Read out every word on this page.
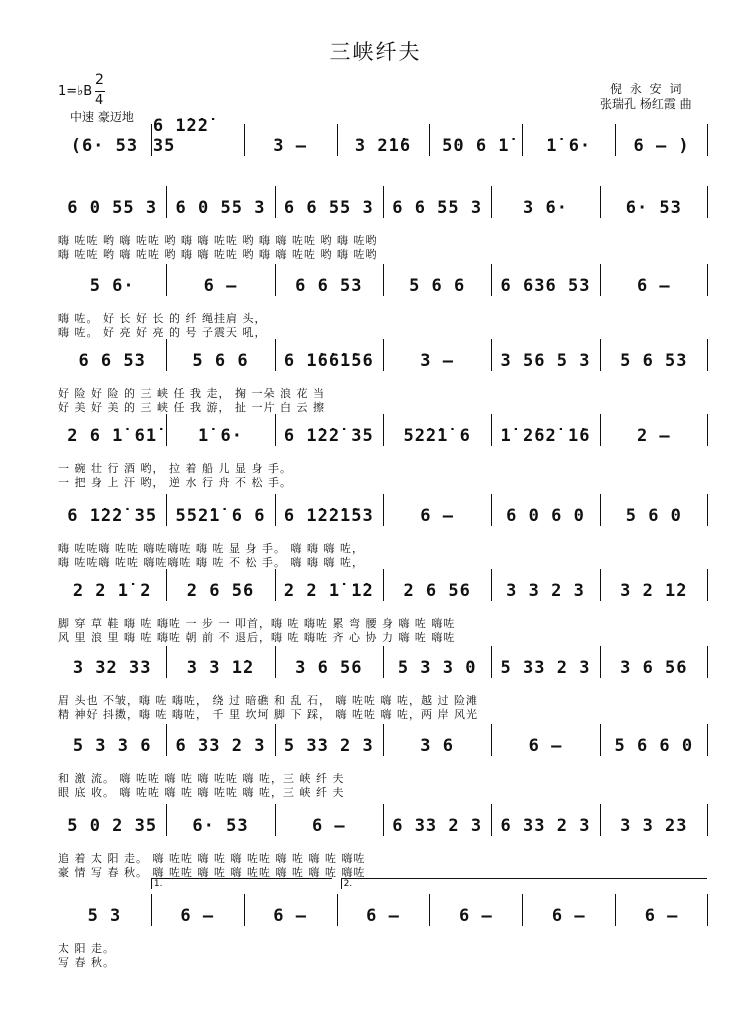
三峡纤夫
1=♭B
2
4
中速 豪迈地
倪 永 安 词
张瑞孔 杨红霞 曲
(6· 53
6 1̇2̇2̇ 35	3 –	3 2̇1̇6	50 6 1̇	1̇ 6·	6 – )
6 0 55 3	6 0 55 3	6 6 55 3	6 6 55 3	3 6·	6· 53
嗨 咗咗 哟 嗨 咗咗 哟 嗨 嗨 咗咗 哟 嗨 嗨 咗咗 哟 嗨 咗哟
嗨 咗咗 哟 嗨 咗咗 哟 嗨 嗨 咗咗 哟 嗨 嗨 咗咗 哟 嗨 咗哟
5 6·	6 –	6 6 53	5 6 6	6 636 53	6 –
嗨 咗。 好 长 好 长 的 纤 绳挂肩 头，
嗨 咗。 好 亮 好 亮 的 号 子震天 吼，
6 6 53	5 6 6	6 1̇6̇6̇1̇56	3 –	3 56 5 3	5 6 53
好 险 好 险 的 三 峡 任 我 走， 掬 一朵 浪 花 当
好 美 好 美 的 三 峡 任 我 游， 扯 一片 白 云 擦
2 6 1̇ 61̇	1̇ 6·	6 1̇2̇2̇ 35	52̇2̇1̇ 6	1̇ 2̇62̇ 1̇6	2 –
一 碗 壮 行 酒 哟， 拉 着 船 儿 显 身 手。
一 把 身 上 汗 哟， 逆 水 行 舟 不 松 手。
6 1̇2̇2̇ 35	552̇1̇ 6 6	6 1̇2̇2̇1̇53	6 –	6 0 6 0	5 6 0
嗨 咗咗嗨 咗咗 嗨咗嗨咗 嗨 咗 显 身 手。 嗨 嗨 嗨 咗，
嗨 咗咗嗨 咗咗 嗨咗嗨咗 嗨 咗 不 松 手。 嗨 嗨 嗨 咗，
2 2 1̇ 2	2 6 56	2 2 1̇ 1̇2	2 6 56	3 3 2 3	3 2 1̇2
脚 穿 草 鞋 嗨 咗 嗨咗 一 步 一 叩首，嗨 咗 嗨咗 累 弯 腰 身 嗨 咗 嗨咗
风 里 浪 里 嗨 咗 嗨咗 朝 前 不 退后，嗨 咗 嗨咗 齐 心 协 力 嗨 咗 嗨咗
3 32 33	3 3 1̇2	3 6 56	5 3 3 0	5 33 2 3	3 6 56
眉 头也 不皱，嗨 咗 嗨咗， 绕 过 暗礁 和 乱 石， 嗨 咗咗 嗨 咗，越 过 险滩
精 神好 抖擞，嗨 咗 嗨咗， 千 里 坎坷 脚 下 踩， 嗨 咗咗 嗨 咗，两 岸 风光
5 3 3 6	6 33 2 3	5 33 2 3	3 6	6 –	5 6 6 0
和 激 流。 嗨 咗咗 嗨 咗 嗨 咗咗 嗨 咗，三 峡 纤 夫
眼 底 收。 嗨 咗咗 嗨 咗 嗨 咗咗 嗨 咗，三 峡 纤 夫
5 0 2 35	6· 53	6 –	6 33 2 3	6 33 2 3	3 3 23
追 着 太 阳 走。 嗨 咗咗 嗨 咗 嗨 咗咗 嗨 咗 嗨 咗 嗨咗
豪 情 写 春 秋。 嗨 咗咗 嗨 咗 嗨 咗咗 嗨 咗 嗨 咗 嗨咗
5 3	6 –	6 –	6 –	6 –	6 –	6 –
1.	2.
太 阳 走。
写 春 秋。
